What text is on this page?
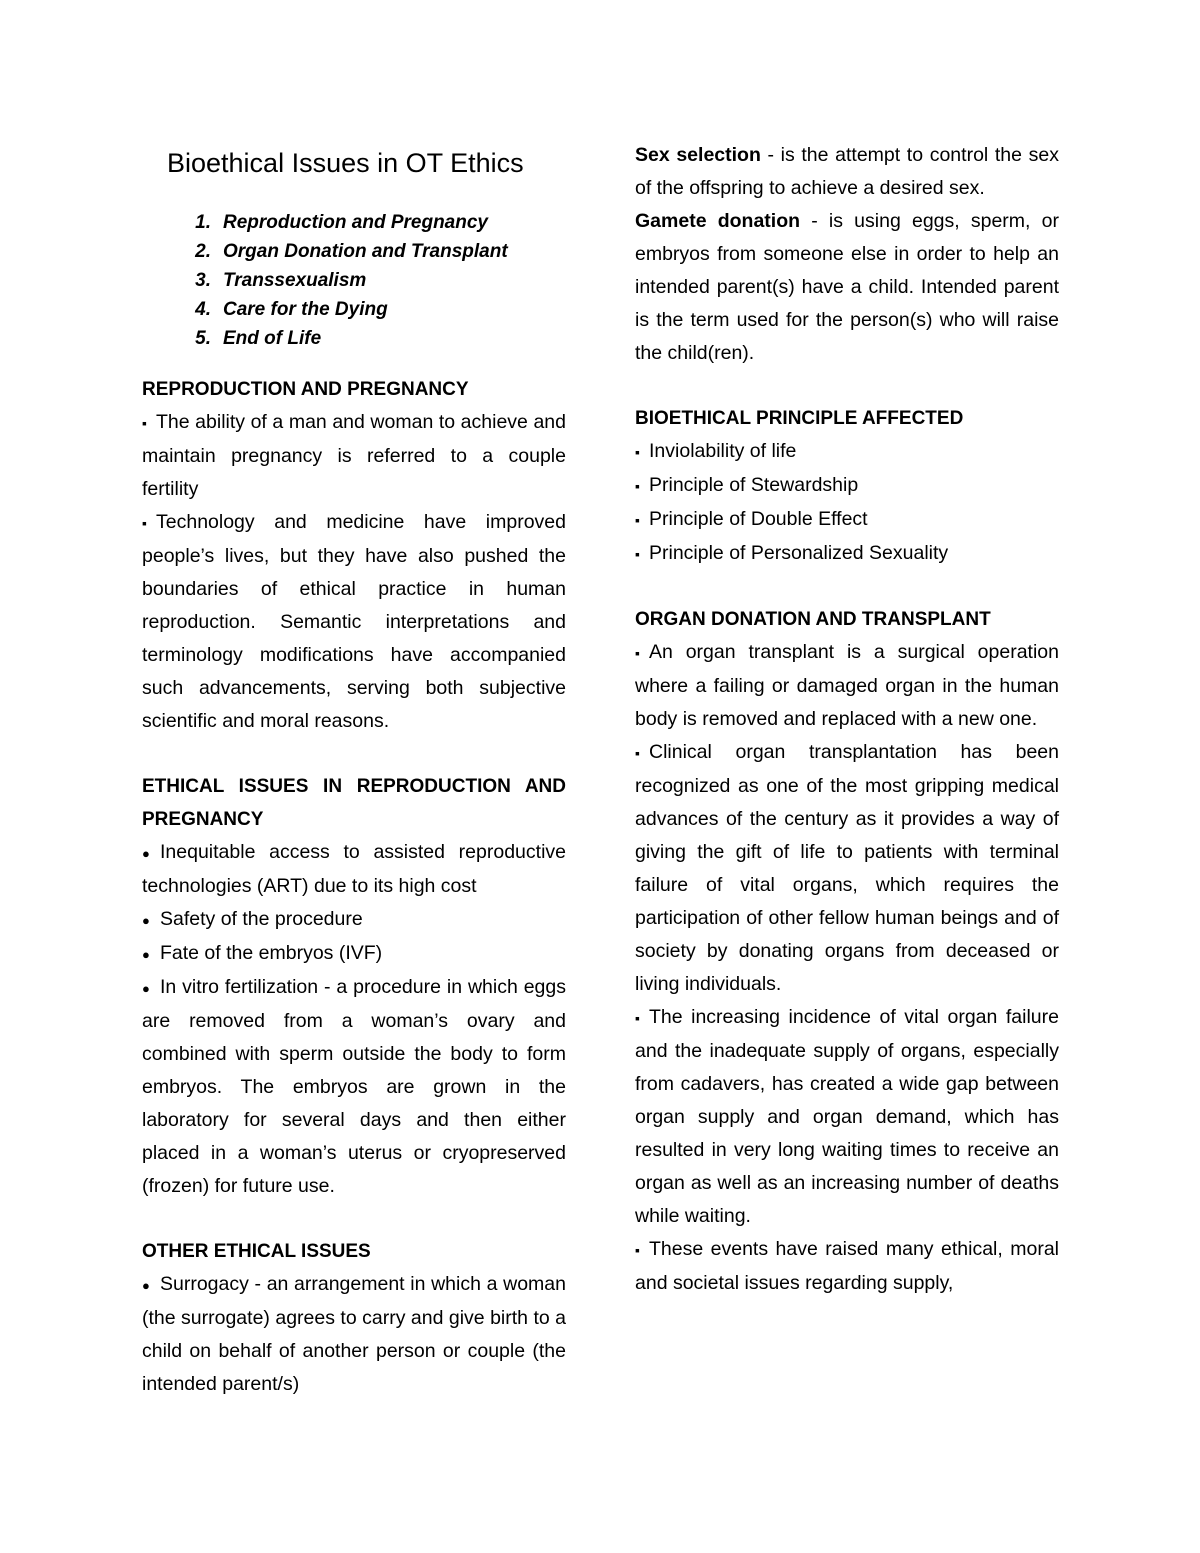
Bioethical Issues in OT Ethics
1. Reproduction and Pregnancy
2. Organ Donation and Transplant
3. Transsexualism
4. Care for the Dying
5. End of Life
REPRODUCTION AND PREGNANCY

▪ The ability of a man and woman to achieve and maintain pregnancy is referred to a couple fertility

▪ Technology and medicine have improved people’s lives, but they have also pushed the boundaries of ethical practice in human reproduction. Semantic interpretations and terminology modifications have accompanied such advancements, serving both subjective scientific and moral reasons.

ETHICAL ISSUES IN REPRODUCTION AND PREGNANCY

● Inequitable access to assisted reproductive technologies (ART) due to its high cost

● Safety of the procedure

● Fate of the embryos (IVF)

● In vitro fertilization - a procedure in which eggs are removed from a woman’s ovary and combined with sperm outside the body to form embryos. The embryos are grown in the laboratory for several days and then either placed in a woman’s uterus or cryopreserved (frozen) for future use.

OTHER ETHICAL ISSUES

● Surrogacy - an arrangement in which a woman (the surrogate) agrees to carry and give birth to a child on behalf of another person or couple (the intended parent/s)

Sex selection - is the attempt to control the sex of the offspring to achieve a desired sex.

Gamete donation - is using eggs, sperm, or embryos from someone else in order to help an intended parent(s) have a child. Intended parent is the term used for the person(s) who will raise the child(ren).

BIOETHICAL PRINCIPLE AFFECTED

▪ Inviolability of life

▪ Principle of Stewardship

▪ Principle of Double Effect

▪ Principle of Personalized Sexuality

ORGAN DONATION AND TRANSPLANT

▪ An organ transplant is a surgical operation where a failing or damaged organ in the human body is removed and replaced with a new one.

▪ Clinical organ transplantation has been recognized as one of the most gripping medical advances of the century as it provides a way of giving the gift of life to patients with terminal failure of vital organs, which requires the participation of other fellow human beings and of society by donating organs from deceased or living individuals.

▪ The increasing incidence of vital organ failure and the inadequate supply of organs, especially from cadavers, has created a wide gap between organ supply and organ demand, which has resulted in very long waiting times to receive an organ as well as an increasing number of deaths while waiting.

▪ These events have raised many ethical, moral and societal issues regarding supply,
